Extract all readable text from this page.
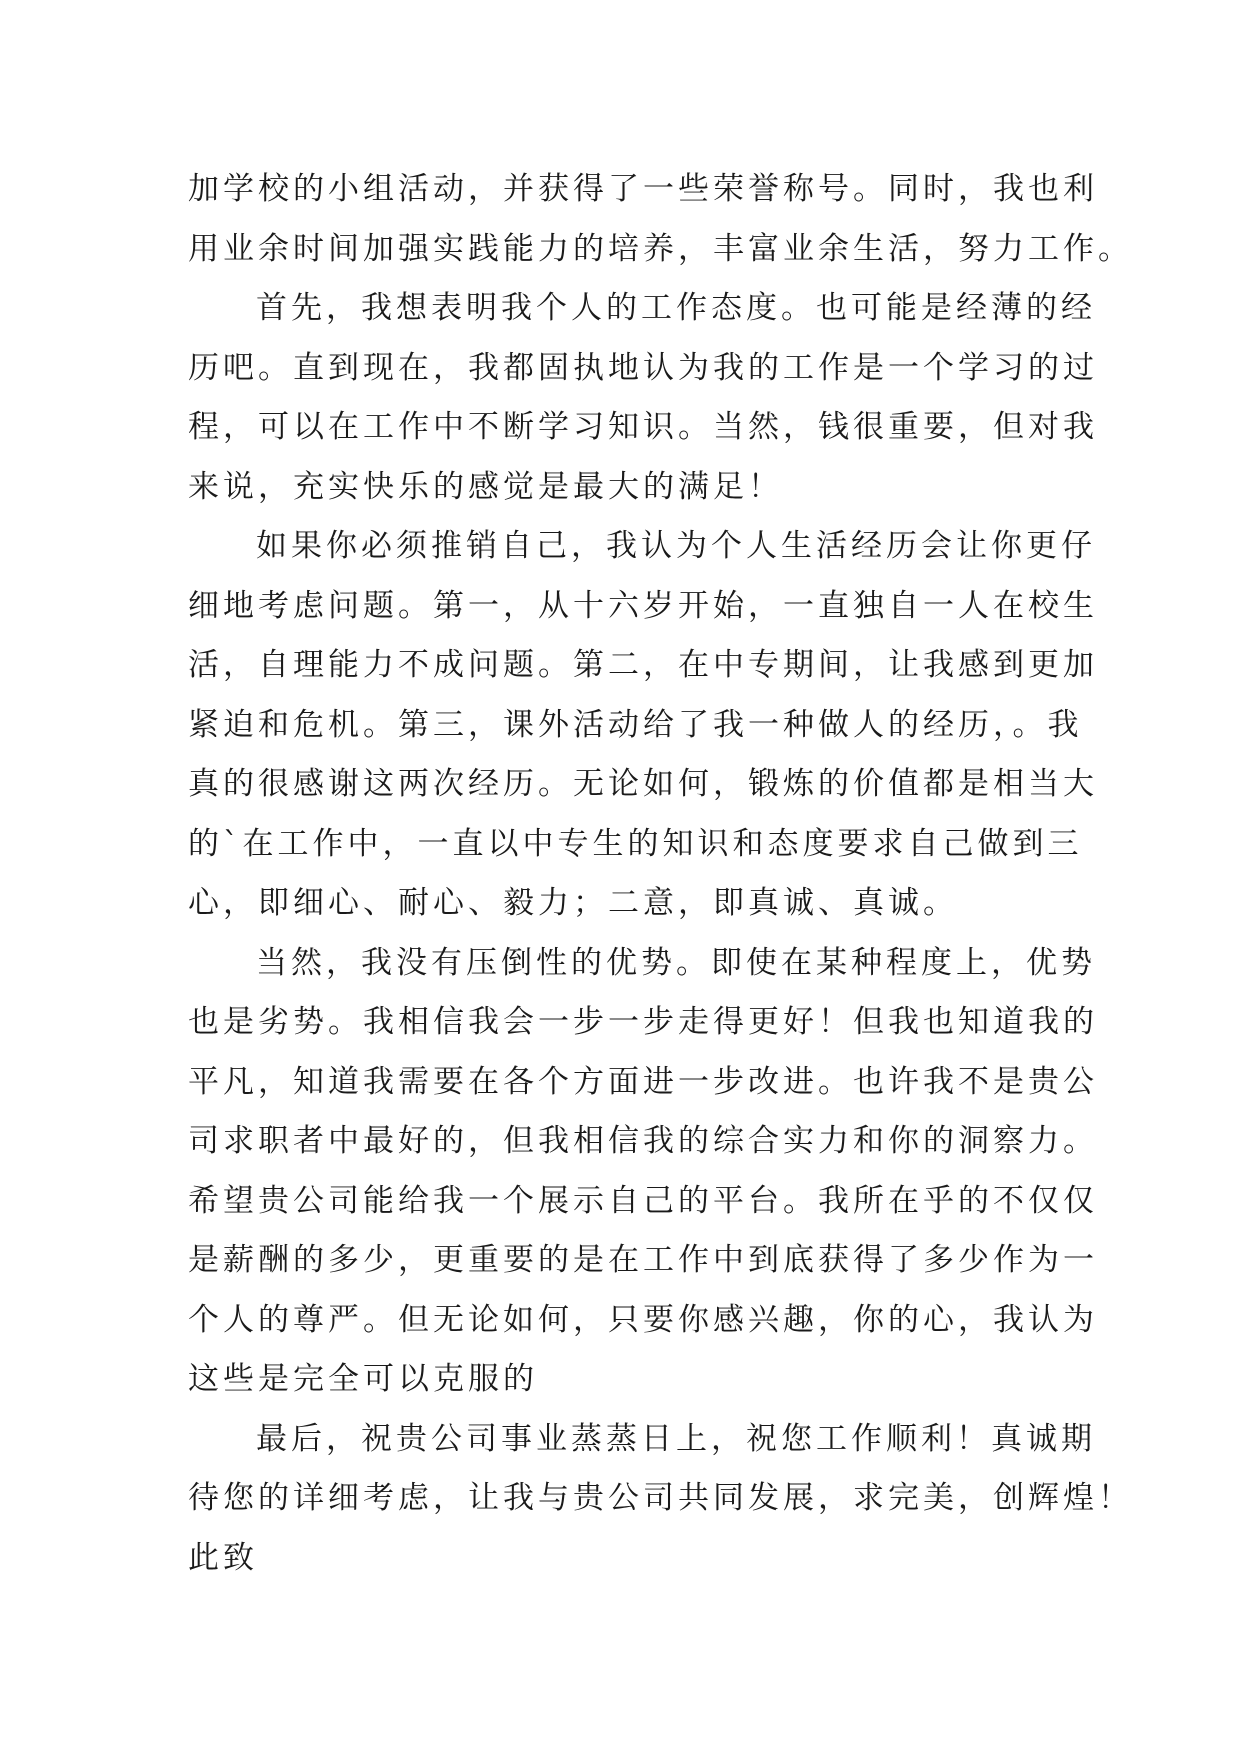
加学校的小组活动，并获得了一些荣誉称号。同时，我也利
用业余时间加强实践能力的培养，丰富业余生活，努力工作。
首先，我想表明我个人的工作态度。也可能是经薄的经
历吧。直到现在，我都固执地认为我的工作是一个学习的过
程，可以在工作中不断学习知识。当然，钱很重要，但对我
来说，充实快乐的感觉是最大的满足！
如果你必须推销自己，我认为个人生活经历会让你更仔
细地考虑问题。第一，从十六岁开始，一直独自一人在校生
活，自理能力不成问题。第二，在中专期间，让我感到更加
紧迫和危机。第三，课外活动给了我一种做人的经历，。我
真的很感谢这两次经历。无论如何，锻炼的价值都是相当大
的`在工作中，一直以中专生的知识和态度要求自己做到三
心，即细心、耐心、毅力；二意，即真诚、真诚。
当然，我没有压倒性的优势。即使在某种程度上，优势
也是劣势。我相信我会一步一步走得更好！但我也知道我的
平凡，知道我需要在各个方面进一步改进。也许我不是贵公
司求职者中最好的，但我相信我的综合实力和你的洞察力。
希望贵公司能给我一个展示自己的平台。我所在乎的不仅仅
是薪酬的多少，更重要的是在工作中到底获得了多少作为一
个人的尊严。但无论如何，只要你感兴趣，你的心，我认为
这些是完全可以克服的
最后，祝贵公司事业蒸蒸日上，祝您工作顺利！真诚期
待您的详细考虑，让我与贵公司共同发展，求完美，创辉煌！
此致
